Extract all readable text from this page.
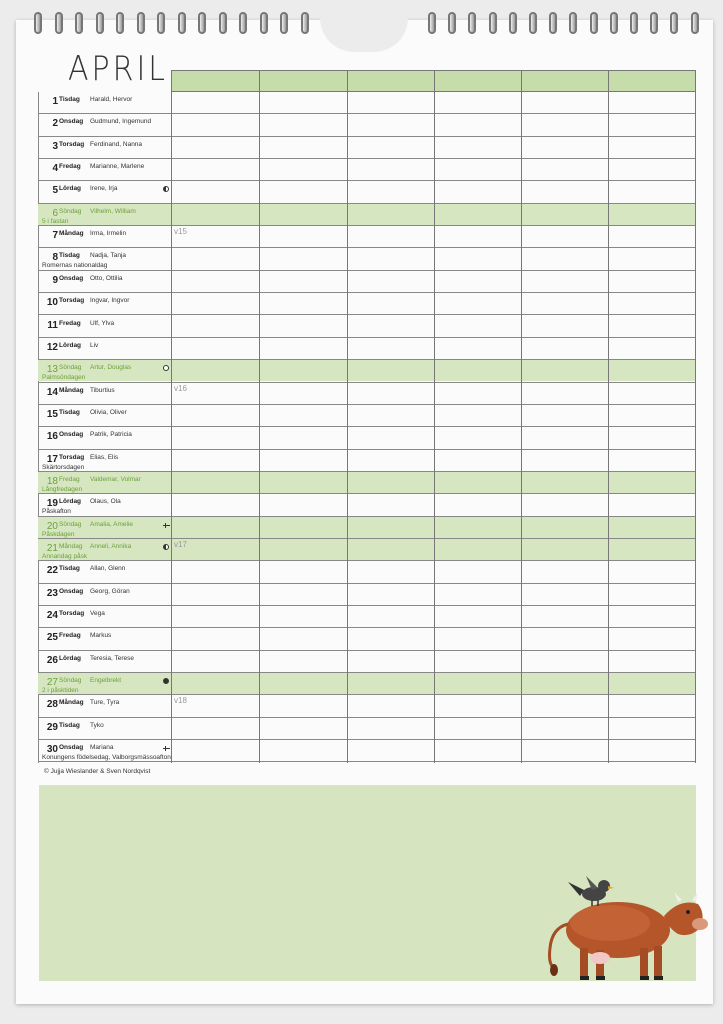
APRIL
1 Tisdag Harald, Hervor
2 Onsdag Gudmund, Ingemund
3 Torsdag Ferdinand, Nanna
4 Fredag Marianne, Marlene
5 Lördag Irene, Irja
6 Söndag Vilhelm, William
5 i fastan
7 Måndag Irma, Irmelin	v15
8 Tisdag Nadja, Tanja
Romernas nationaldag
9 Onsdag Otto, Ottilia
10 Torsdag Ingvar, Ingvor
11 Fredag Ulf, Ylva
12 Lördag Liv
13 Söndag Artur, Douglas
Palmsöndagen
14 Måndag Tiburtius	v16
15 Tisdag Olivia, Oliver
16 Onsdag Patrik, Patricia
17 Torsdag Elias, Elis
Skärtorsdagen
18 Fredag Valdemar, Volmar
Långfredagen
19 Lördag Olaus, Ola
Påskafton
20 Söndag Amalia, Amelie
Påskdagen
21 Måndag Anneli, Annika
Annandag påsk
v17
22 Tisdag Allan, Glenn
23 Onsdag Georg, Göran
24 Torsdag Vega
25 Fredag Markus
26 Lördag Teresia, Terese
27 Söndag Engelbrekt
2 i påsktiden
28 Måndag Ture, Tyra	v18
29 Tisdag Tyko
30 Onsdag Mariana
Konungens födelsedag, Valborgsmässoafton
© Jujja Wieslander & Sven Nordqvist
